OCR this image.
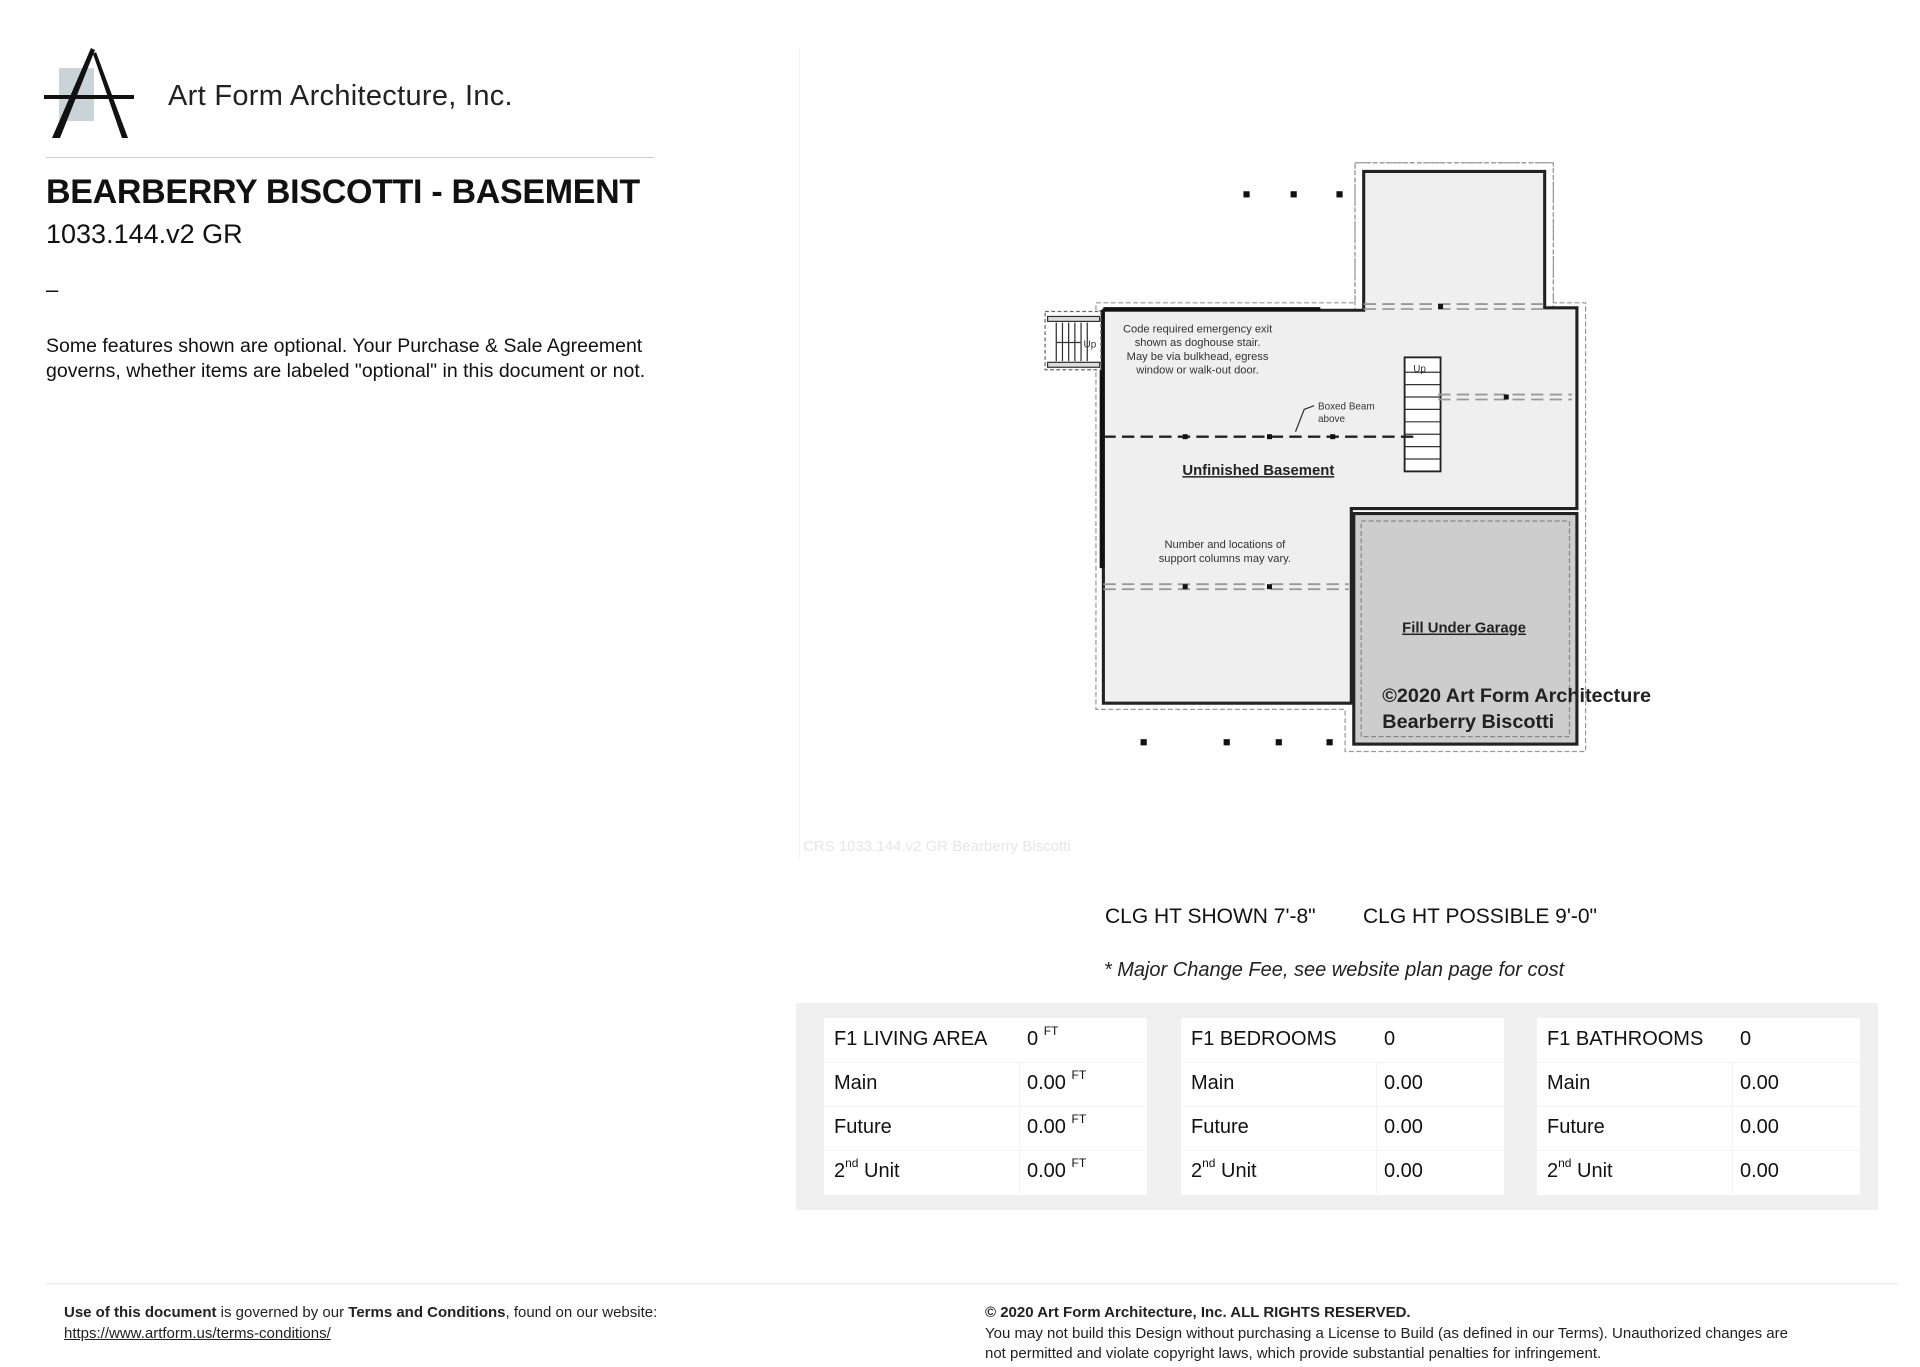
Art Form Architecture, Inc.
BEARBERRY BISCOTTI - BASEMENT
1033.144.v2 GR
–
Some features shown are optional. Your Purchase & Sale Agreement
governs, whether items are labeled "optional" in this document or not.
Up
Up
Code required emergency exit
shown as doghouse stair.
May be via bulkhead, egress
window or walk-out door.
Boxed Beam
above
Number and locations of
support columns may vary.
Unfinished Basement
Fill Under Garage
©2020 Art Form Architecture
Bearberry Biscotti
CRS 1033.144.v2 GR Bearberry Biscotti
CLG HT SHOWN 7'-8" CLG HT POSSIBLE 9'-0"
* Major Change Fee, see website plan page for cost
F1 LIVING AREA 0 $^{FT}$
Main	0.00 $^{FT}$
Future	0.00 $^{FT}$
2nd Unit	0.00 $^{FT}$
F1 BEDROOMS 0
Main	0.00
Future	0.00
2nd Unit	0.00
F1 BATHROOMS 0
Main	0.00
Future	0.00
2nd Unit	0.00
Use of this document is governed by our Terms and Conditions, found on our website:
https://www.artform.us/terms-conditions/
© 2020 Art Form Architecture, Inc. ALL RIGHTS RESERVED.
You may not build this Design without purchasing a License to Build (as defined in our Terms). Unauthorized changes are
not permitted and violate copyright laws, which provide substantial penalties for infringement.
